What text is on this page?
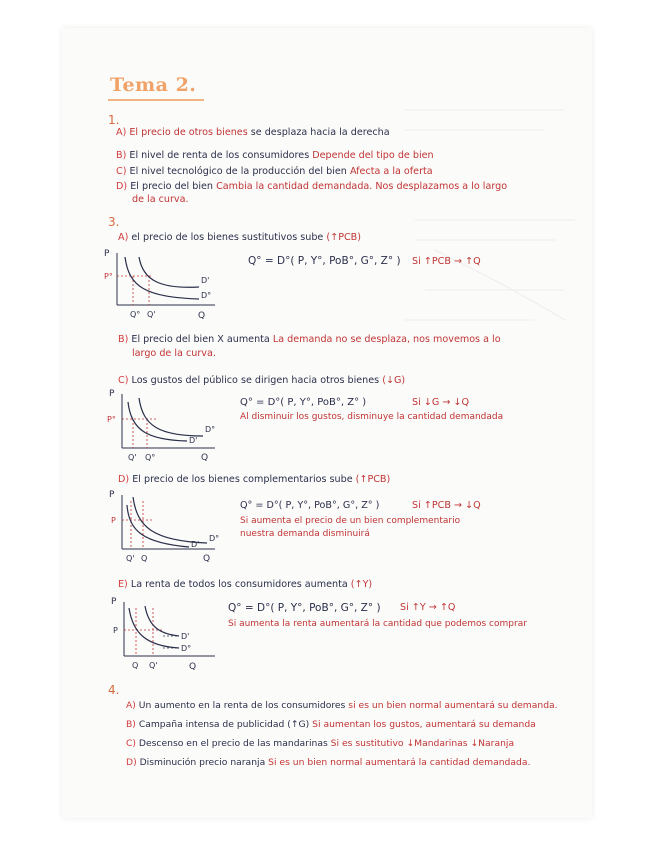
Tema 2.
1.
A) El precio de otros bienes se desplaza hacia la derecha
B) El nivel de renta de los consumidores Depende del tipo de bien
C) El nivel tecnológico de la producción del bien Afecta a la oferta
D) El precio del bien Cambia la cantidad demandada. Nos desplazamos a lo largo
de la curva.
3.
A) el precio de los bienes sustitutivos sube (↑PCB)
Q° = D°( P, Y°, PoB°, G°, Z° ) Si ↑PCB → ↑Q
P
P°	D'
D°
Q° Q'	Q
B) El precio del bien X aumenta La demanda no se desplaza, nos movemos a lo
largo de la curva.
C) Los gustos del público se dirigen hacia otros bienes (↓G)
Q° = D°( P, Y°, PoB°, Z° )	Si ↓G → ↓Q
Al disminuir los gustos, disminuye la cantidad demandada
P
P°
D°
D'
Q' Q°	Q
D) El precio de los bienes complementarios sube (↑PCB)
Q° = D°( P, Y°, PoB°, G°, Z° )	Si ↑PCB → ↓Q
Si aumenta el precio de un bien complementario
nuestra demanda disminuirá
P
P
D°
D'
Q' Q	Q
E) La renta de todos los consumidores aumenta (↑Y)
Q° = D°( P, Y°, PoB°, G°, Z° ) Si ↑Y → ↑Q
Si aumenta la renta aumentará la cantidad que podemos comprar
P
P
D'
D°
Q Q'	Q
4.
A) Un aumento en la renta de los consumidores si es un bien normal aumentará su demanda.
B) Campaña intensa de publicidad (↑G) Si aumentan los gustos, aumentará su demanda
C) Descenso en el precio de las mandarinas Si es sustitutivo ↓Mandarinas ↓Naranja
D) Disminución precio naranja Si es un bien normal aumentará la cantidad demandada.
